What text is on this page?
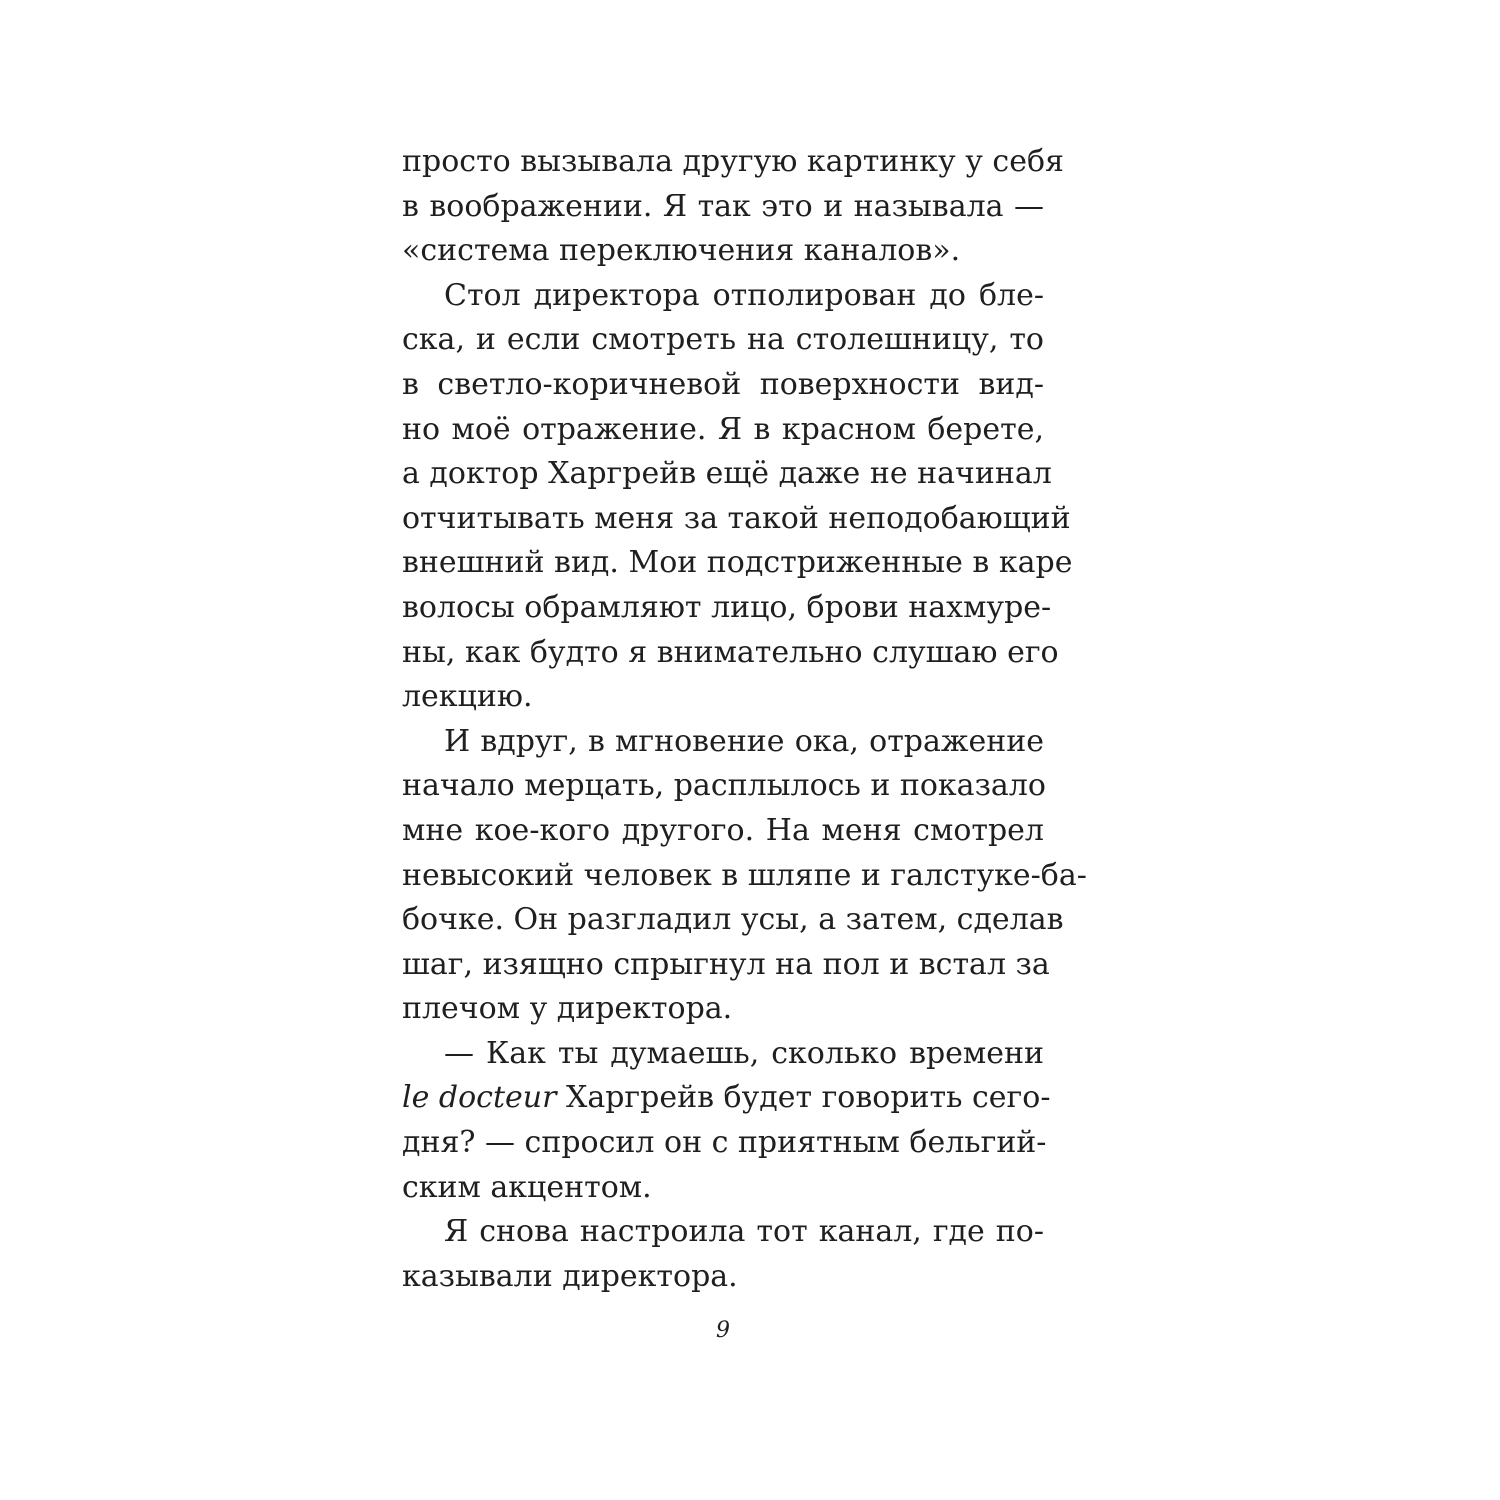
просто вызывала другую картинку у себя
в воображении. Я так это и называла —
«система переключения каналов».
Стол директора отполирован до бле-
ска, и если смотреть на столешницу, то
в светло-коричневой поверхности вид-
но моё отражение. Я в красном берете,
а доктор Харгрейв ещё даже не начинал
отчитывать меня за такой неподобающий
внешний вид. Мои подстриженные в каре
волосы обрамляют лицо, брови нахмуре-
ны, как будто я внимательно слушаю его
лекцию.
И вдруг, в мгновение ока, отражение
начало мерцать, расплылось и показало
мне кое-кого другого. На меня смотрел
невысокий человек в шляпе и галстуке-ба-
бочке. Он разгладил усы, а затем, сделав
шаг, изящно спрыгнул на пол и встал за
плечом у директора.
— Как ты думаешь, сколько времени
le docteur Харгрейв будет говорить сего-
дня? — спросил он с приятным бельгий-
ским акцентом.
Я снова настроила тот канал, где по-
казывали директора.
9
